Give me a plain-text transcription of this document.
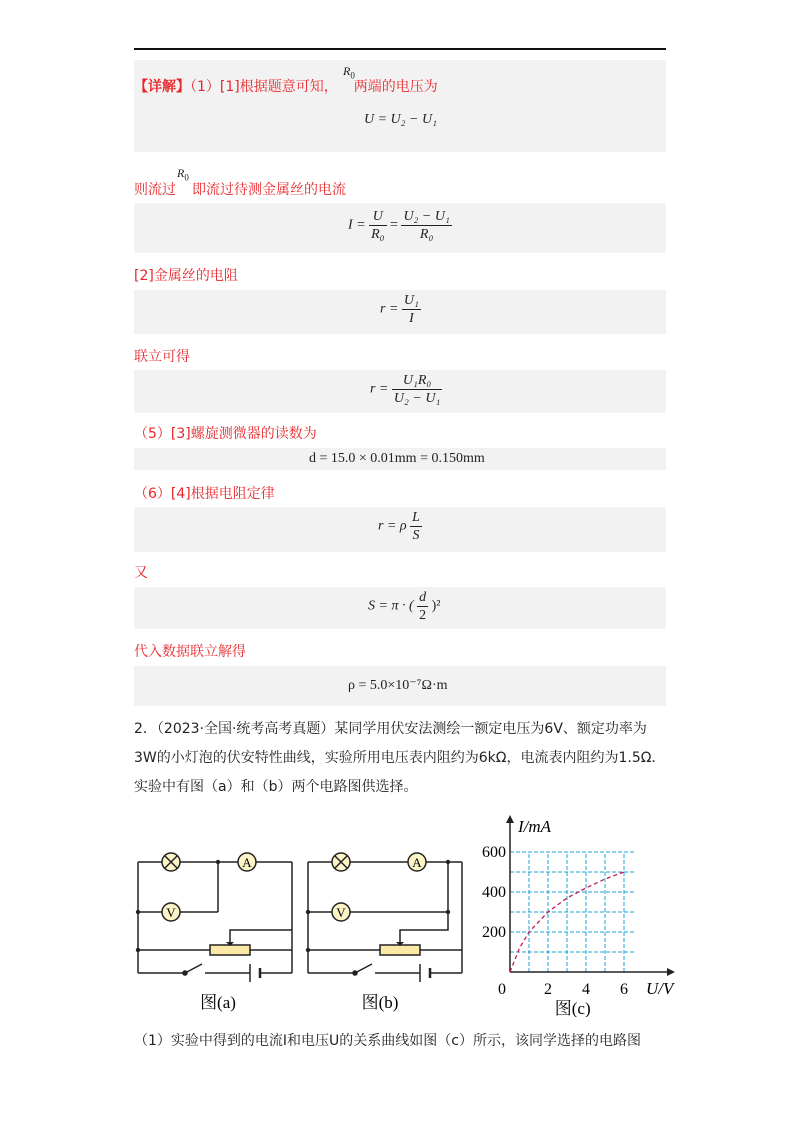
【详解】（1）[1]根据题意可知， 两端的电压为
$R_0$
U = U₂ − U₁
则流过 即流过待测金属丝的电流
$R_0$
$I = \frac{U}{\text{R₀}} = \frac{\text{U₂ − U₁}}{\text{R₀}}$
[2]金属丝的电阻
$r = \frac{\text{U₁}}{I}$
联立可得
$r = \frac{\text{U₁R₀}}{\text{U₂ − U₁}}$
（5）[3]螺旋测微器的读数为
d = 15.0 × 0.01mm = 0.150mm
（6）[4]根据电阻定律
r = ρ $\frac{L}{S}$
又
S = π · ( $\frac{d}{2} )^2$
代入数据联立解得
ρ = 5.0×10⁻⁷Ω·m
2．（2023·全国·统考高考真题）某同学用伏安法测绘一额定电压为6V、额定功率为
3W的小灯泡的伏安特性曲线，实验所用电压表内阻约为6kΩ，电流表内阻约为1.5Ω．
实验中有图（a）和（b）两个电路图供选择。
A
V
图(a)
A
V
图(b)
2 4 6
200
400
600
I/mA
U/V
0
图(c)
（1）实验中得到的电流I和电压U的关系曲线如图（c）所示，该同学选择的电路图
